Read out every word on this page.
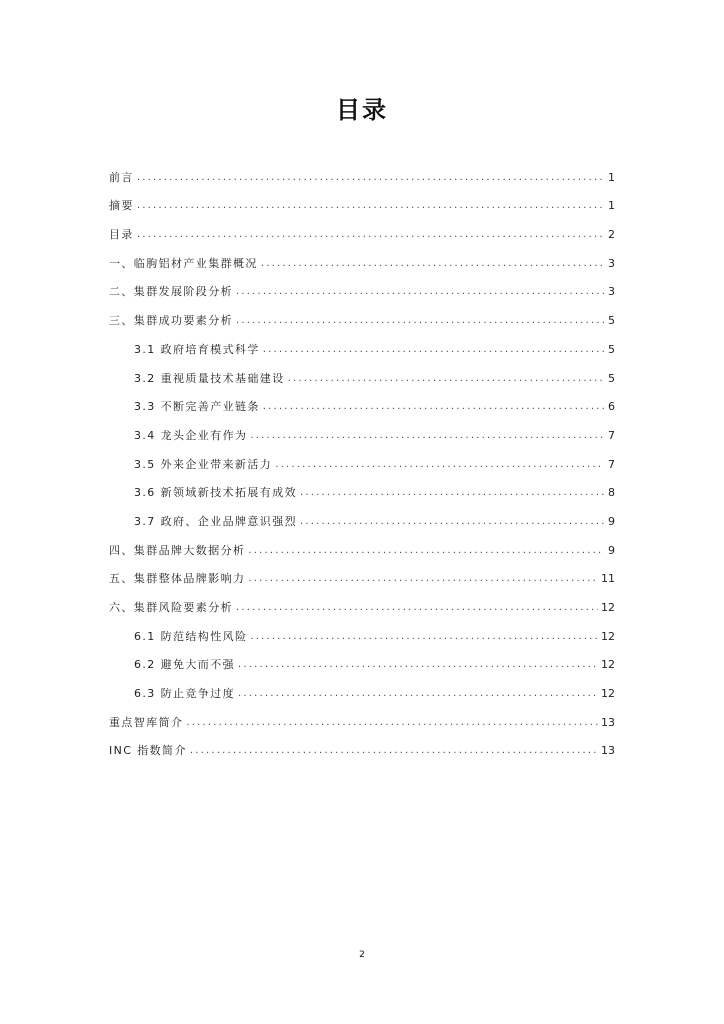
目录
前言 .....	1
摘要 .....	1
目录 .....	2
一、临朐铝材产业集群概况 .....	3
二、集群发展阶段分析 .....	3
三、集群成功要素分析 .....	5
3.1 政府培育模式科学 .....	5
3.2 重视质量技术基础建设 .....	5
3.3 不断完善产业链条 .....	6
3.4 龙头企业有作为 .....	7
3.5 外来企业带来新活力 .....	7
3.6 新领域新技术拓展有成效 .....	8
3.7 政府、企业品牌意识强烈 .....	9
四、集群品牌大数据分析 .....	9
五、集群整体品牌影响力 .....	11
六、集群风险要素分析 .....	12
6.1 防范结构性风险 .....	12
6.2 避免大而不强 .....	12
6.3 防止竞争过度 .....	12
重点智库简介 .....	13
INC 指数简介 .....	13
2
